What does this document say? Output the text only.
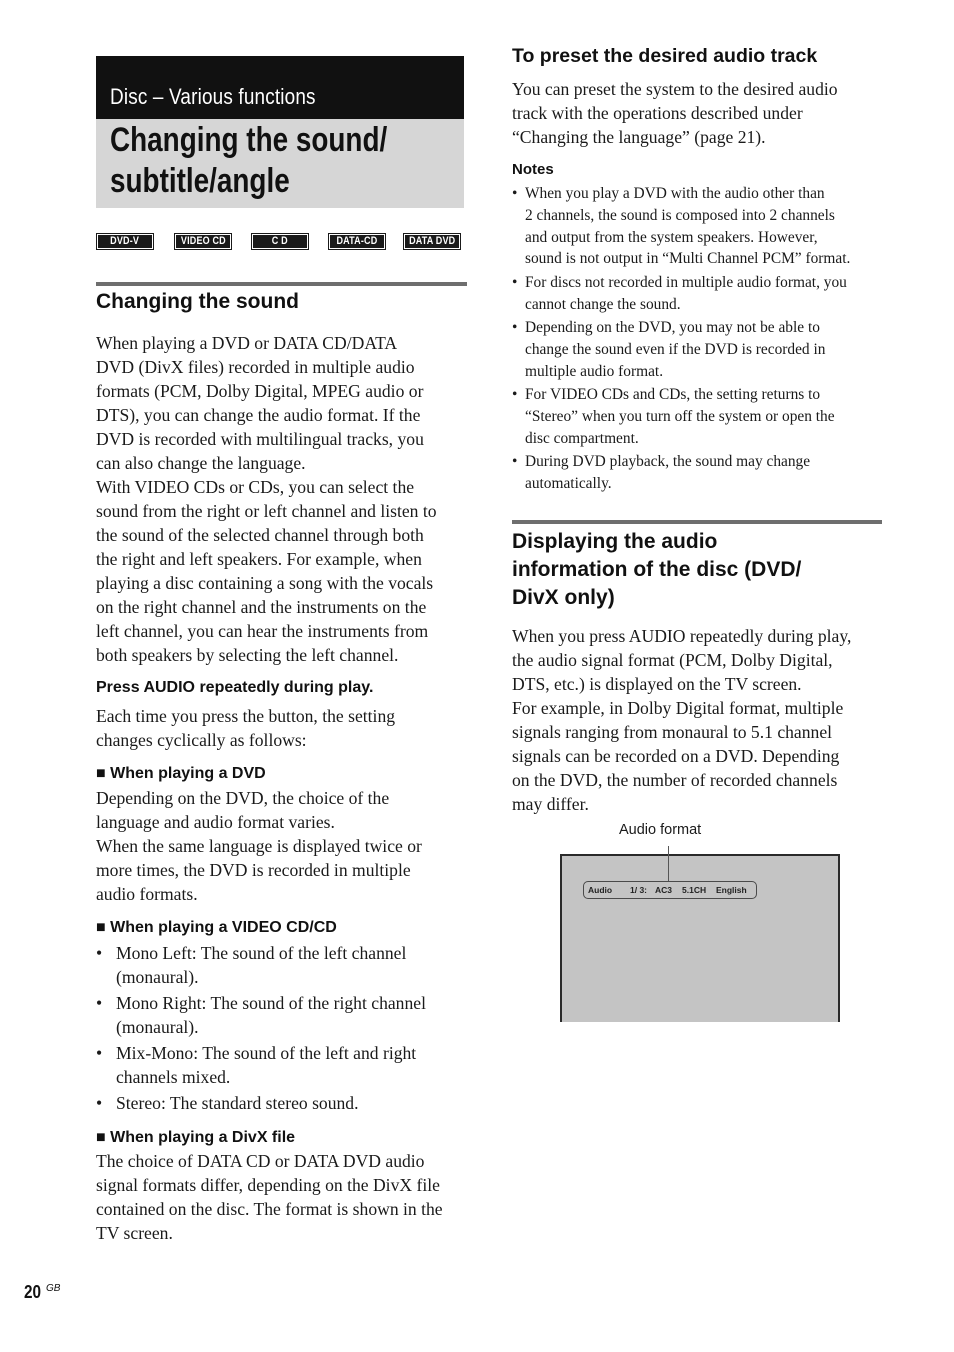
Disc – Various functions
Changing the sound/
subtitle/angle
DVD-V	VIDEO CD	C D	DATA-CD	DATA DVD
Changing the sound
When playing a DVD or DATA CD/DATA
DVD (DivX files) recorded in multiple audio
formats (PCM, Dolby Digital, MPEG audio or
DTS), you can change the audio format. If the
DVD is recorded with multilingual tracks, you
can also change the language.
With VIDEO CDs or CDs, you can select the
sound from the right or left channel and listen to
the sound of the selected channel through both
the right and left speakers. For example, when
playing a disc containing a song with the vocals
on the right channel and the instruments on the
left channel, you can hear the instruments from
both speakers by selecting the left channel.
Press AUDIO repeatedly during play.
Each time you press the button, the setting
changes cyclically as follows:
■ When playing a DVD
Depending on the DVD, the choice of the
language and audio format varies.
When the same language is displayed twice or
more times, the DVD is recorded in multiple
audio formats.
■ When playing a VIDEO CD/CD
• Mono Left: The sound of the left channel
(monaural).
• Mono Right: The sound of the right channel
(monaural).
• Mix-Mono: The sound of the left and right
channels mixed.
• Stereo: The standard stereo sound.
■ When playing a DivX file
The choice of DATA CD or DATA DVD audio
signal formats differ, depending on the DivX file
contained on the disc. The format is shown in the
TV screen.
To preset the desired audio track
You can preset the system to the desired audio
track with the operations described under
“Changing the language” (page 21).
Notes
• When you play a DVD with the audio other than
2 channels, the sound is composed into 2 channels
and output from the system speakers. However,
sound is not output in “Multi Channel PCM” format.
• For discs not recorded in multiple audio format, you
cannot change the sound.
• Depending on the DVD, you may not be able to
change the sound even if the DVD is recorded in
multiple audio format.
• For VIDEO CDs and CDs, the setting returns to
“Stereo” when you turn off the system or open the
disc compartment.
• During DVD playback, the sound may change
automatically.
Displaying the audio
information of the disc (DVD/
DivX only)
When you press AUDIO repeatedly during play,
the audio signal format (PCM, Dolby Digital,
DTS, etc.) is displayed on the TV screen.
For example, in Dolby Digital format, multiple
signals ranging from monaural to 5.1 channel
signals can be recorded on a DVD. Depending
on the DVD, the number of recorded channels
may differ.
Audio format
Audio 1/ 3: AC3 5.1CH English
20 GB
